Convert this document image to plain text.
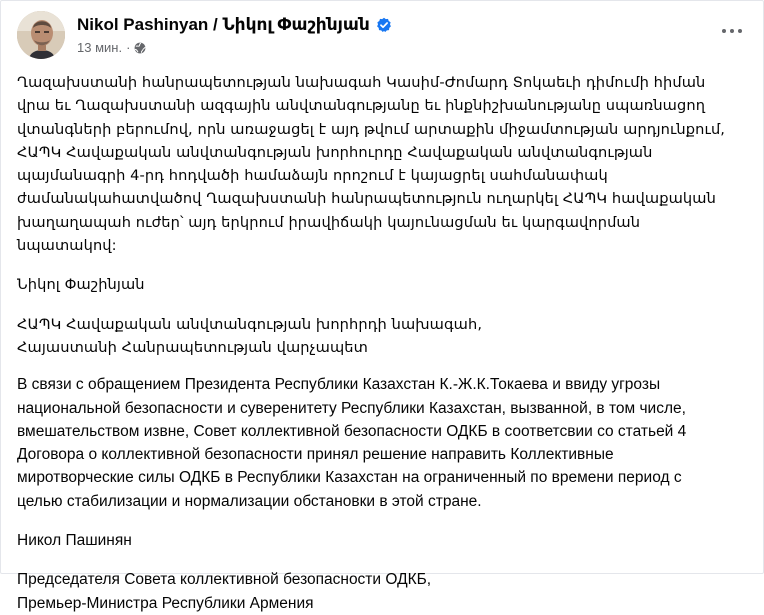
Nikol Pashinyan / Նիկոլ Փաշինյան
13 мин. ·

Ղազախստանի հանրապետության նախագահ Կասիմ-Ժոմարդ Տոկաեւի դիմումի հիման

վրա եւ Ղազախստանի ազգային անվտանգությանը եւ ինքնիշխանությանը սպառնացող

վտանգների բերումով, որն առաջացել է այդ թվում արտաքին միջամտության արդյունքում,

ՀԱՊԿ Հավաքական անվտանգության խորհուրդը Հավաքական անվտանգության

պայմանագրի 4-րդ հոդվածի համաձայն որոշում է կայացրել սահմանափակ

ժամանակահատվածով Ղազախստանի հանրապետություն ուղարկել ՀԱՊԿ հավաքական

խաղաղապահ ուժեր՝ այդ երկրում իրավիճակի կայունացման եւ կարգավորման

նպատակով:

Նիկոլ Փաշինյան

ՀԱՊԿ Հավաքական անվտանգության խորհրդի նախագահ,

Հայաստանի Հանրապետության վարչապետ

В связи с обращением Президента Республики Казахстан К.-Ж.К.Токаева и ввиду угрозы

национальной безопасности и суверенитету Республики Казахстан, вызванной, в том числе,

вмешательством извне, Совет коллективной безопасности ОДКБ в соответсвии со статьей 4

Договора о коллективной безопасности принял решение направить Коллективные

миротворческие силы ОДКБ в Республики Казахстан на ограниченный по времени период с

целью стабилизации и нормализации обстановки в этой стране.

Никол Пашинян

Председателя Совета коллективной безопасности ОДКБ,

Премьер-Министра Республики Армения
